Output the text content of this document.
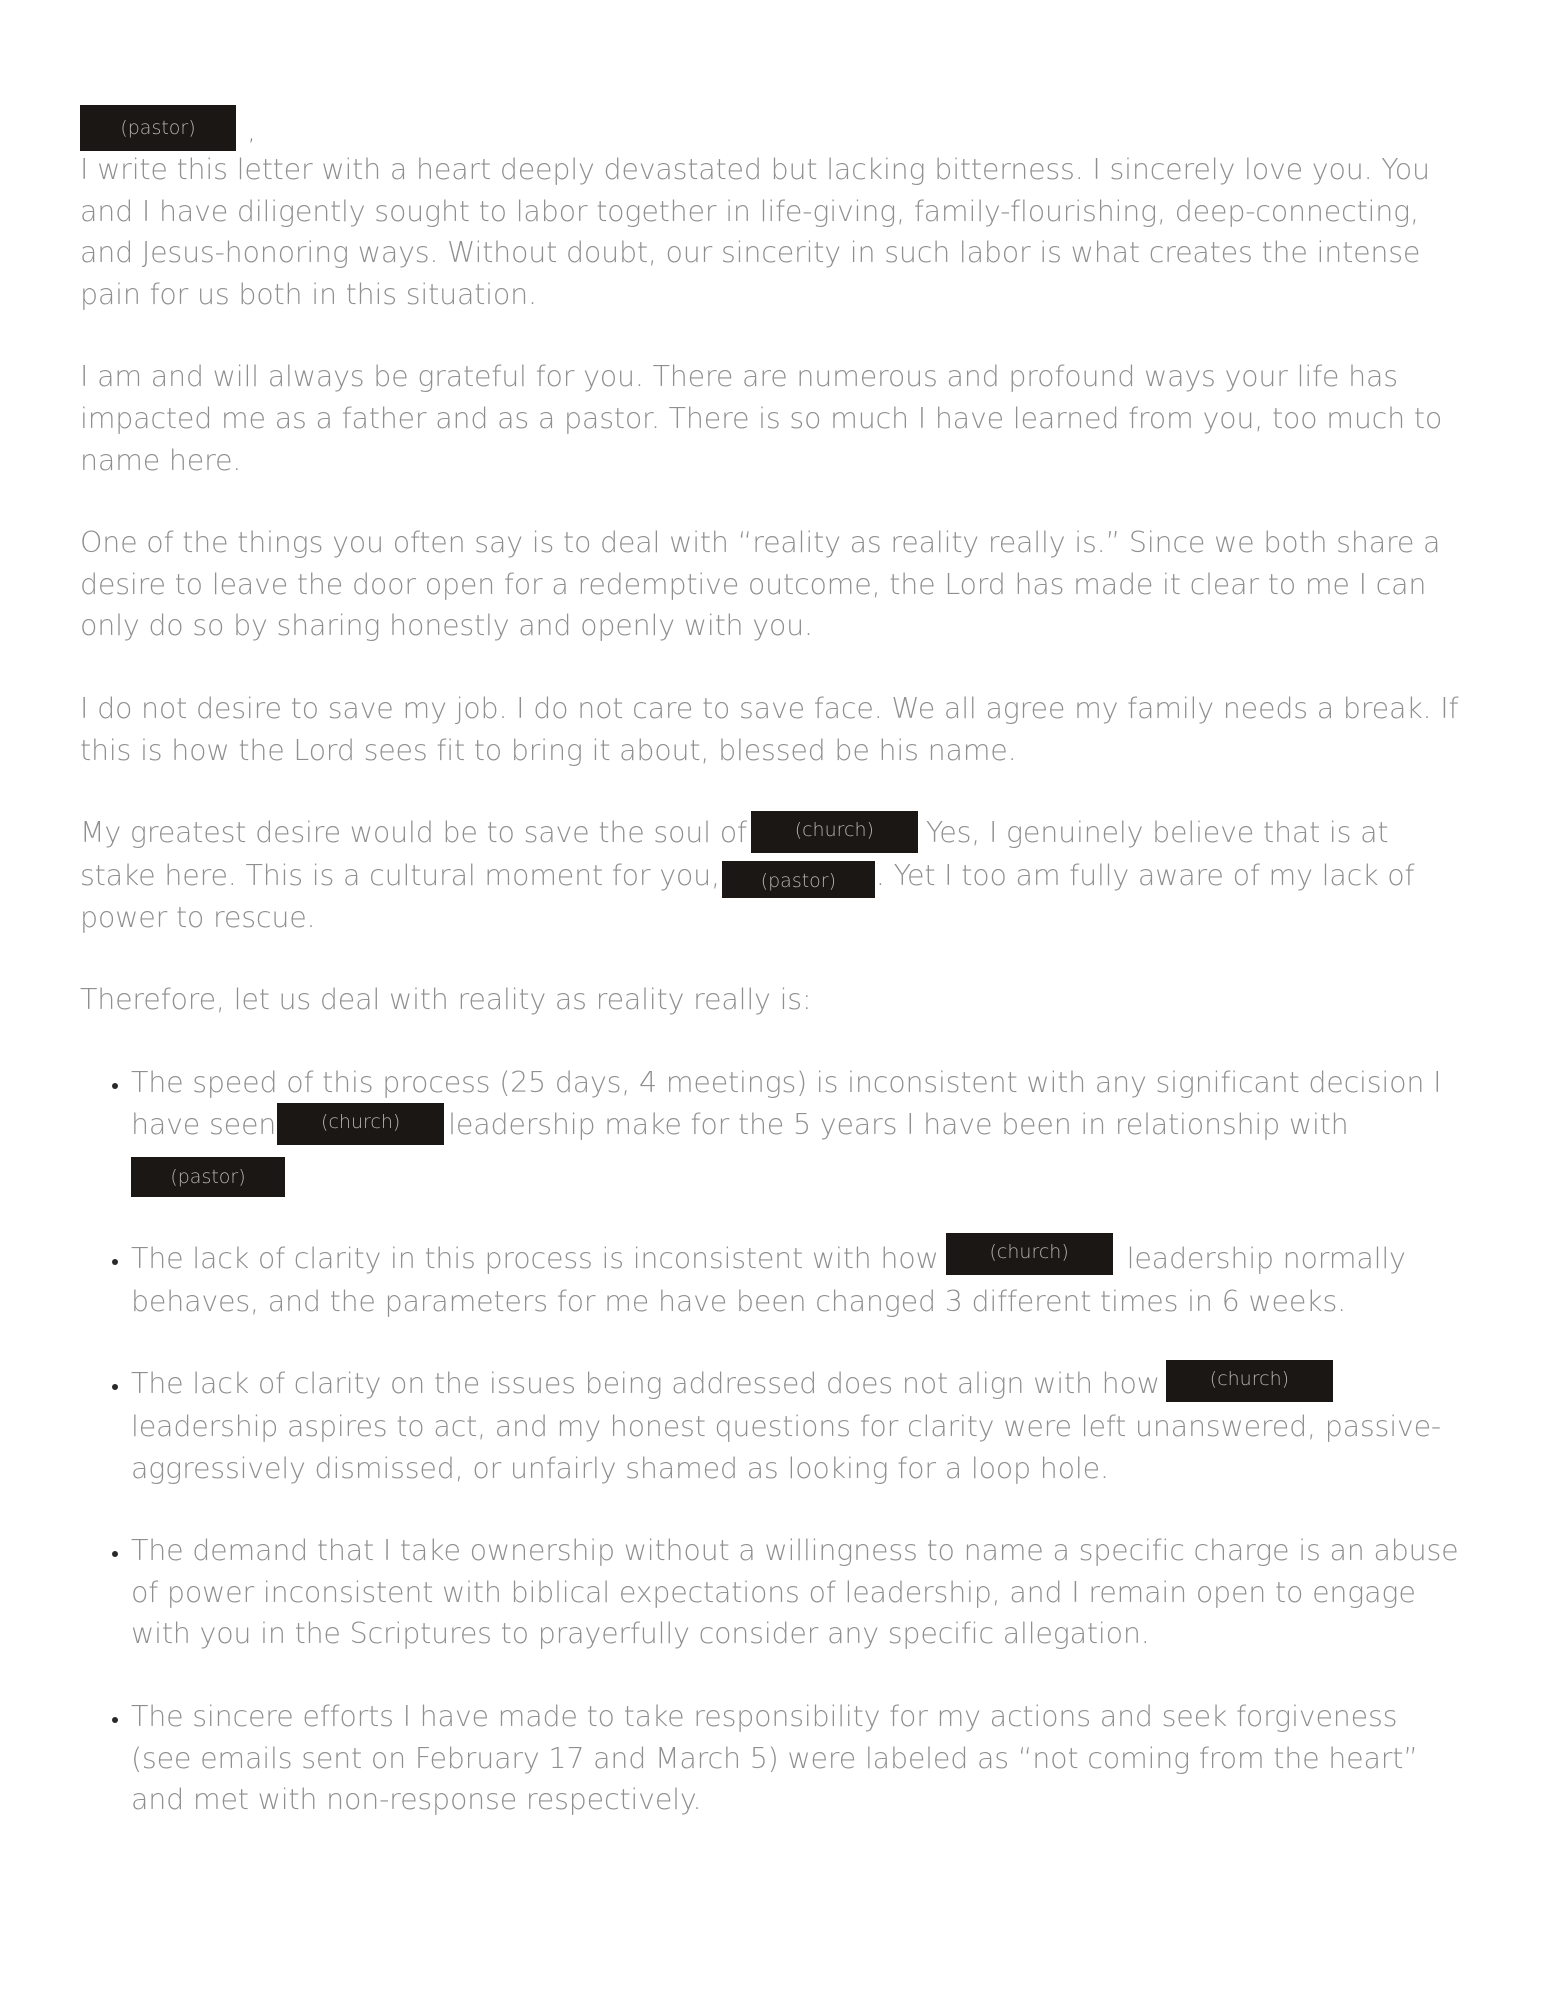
(pastor) ,

I write this letter with a heart deeply devastated but lacking bitterness. I sincerely love you. You and I have diligently sought to labor together in life-giving, family-flourishing, deep-connecting, and Jesus-honoring ways. Without doubt, our sincerity in such labor is what creates the intense pain for us both in this situation.

I am and will always be grateful for you. There are numerous and profound ways your life has impacted me as a father and as a pastor. There is so much I have learned from you, too much to name here.

One of the things you often say is to deal with “reality as reality really is.” Since we both share a desire to leave the door open for a redemptive outcome, the Lord has made it clear to me I can only do so by sharing honestly and openly with you.

I do not desire to save my job. I do not care to save face. We all agree my family needs a break. If this is how the Lord sees fit to bring it about, blessed be his name.

My greatest desire would be to save the soul of	(church) Yes, I genuinely believe that is at stake here. This is a cultural moment for you, (pastor) . Yet I too am fully aware of my lack of power to rescue.

Therefore, let us deal with reality as reality really is:

• The speed of this process (25 days, 4 meetings) is inconsistent with any significant decision I have seen (church) leadership make for the 5 years I have been in relationship with
(pastor)
• The lack of clarity in this process is inconsistent with how	(church) leadership normally behaves, and the parameters for me have been changed 3 different times in 6 weeks.
• The lack of clarity on the issues being addressed does not align with how	(church)
leadership aspires to act, and my honest questions for clarity were left unanswered, passive-aggressively dismissed, or unfairly shamed as looking for a loop hole.
• The demand that I take ownership without a willingness to name a specific charge is an abuse of power inconsistent with biblical expectations of leadership, and I remain open to engage with you in the Scriptures to prayerfully consider any specific allegation.
• The sincere efforts I have made to take responsibility for my actions and seek forgiveness (see emails sent on February 17 and March 5) were labeled as “not coming from the heart” and met with non-response respectively.
